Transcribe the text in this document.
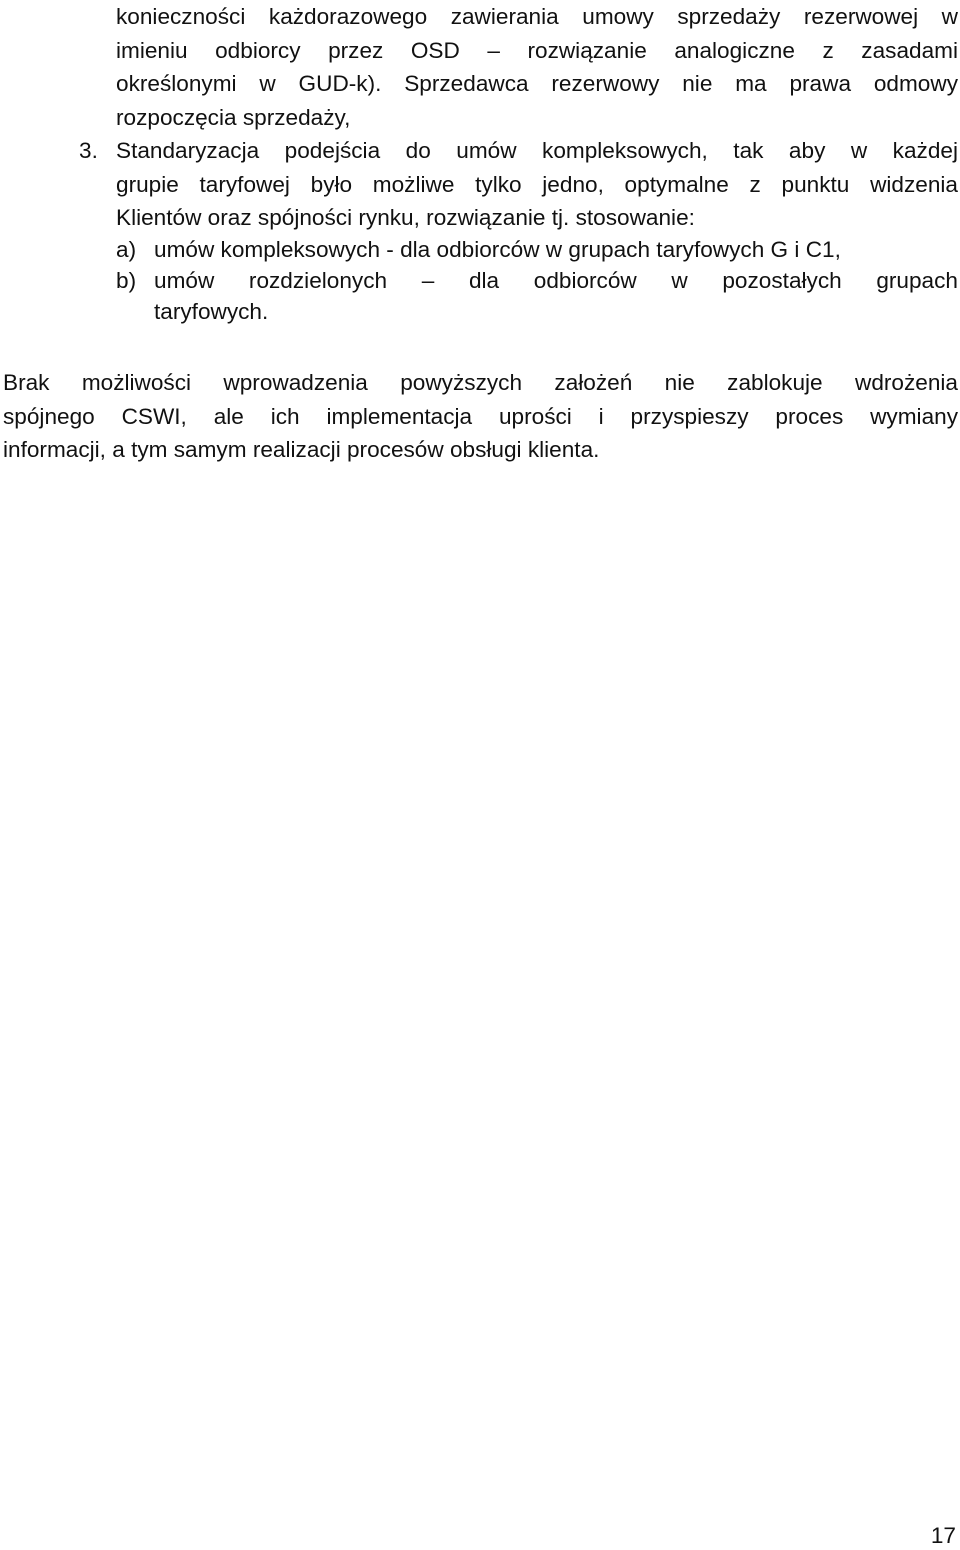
konieczności każdorazowego zawierania umowy sprzedaży rezerwowej w
imieniu odbiorcy przez OSD – rozwiązanie analogiczne z zasadami
określonymi w GUD-k). Sprzedawca rezerwowy nie ma prawa odmowy
rozpoczęcia sprzedaży,
3. Standaryzacja podejścia do umów kompleksowych, tak aby w każdej
grupie taryfowej było możliwe tylko jedno, optymalne z punktu widzenia
Klientów oraz spójności rynku, rozwiązanie tj. stosowanie:
a) umów kompleksowych - dla odbiorców w grupach taryfowych G i C1,
b) umów rozdzielonych – dla odbiorców w pozostałych grupach
taryfowych.
Brak możliwości wprowadzenia powyższych założeń nie zablokuje wdrożenia
spójnego CSWI, ale ich implementacja uprości i przyspieszy proces wymiany
informacji, a tym samym realizacji procesów obsługi klienta.
17
